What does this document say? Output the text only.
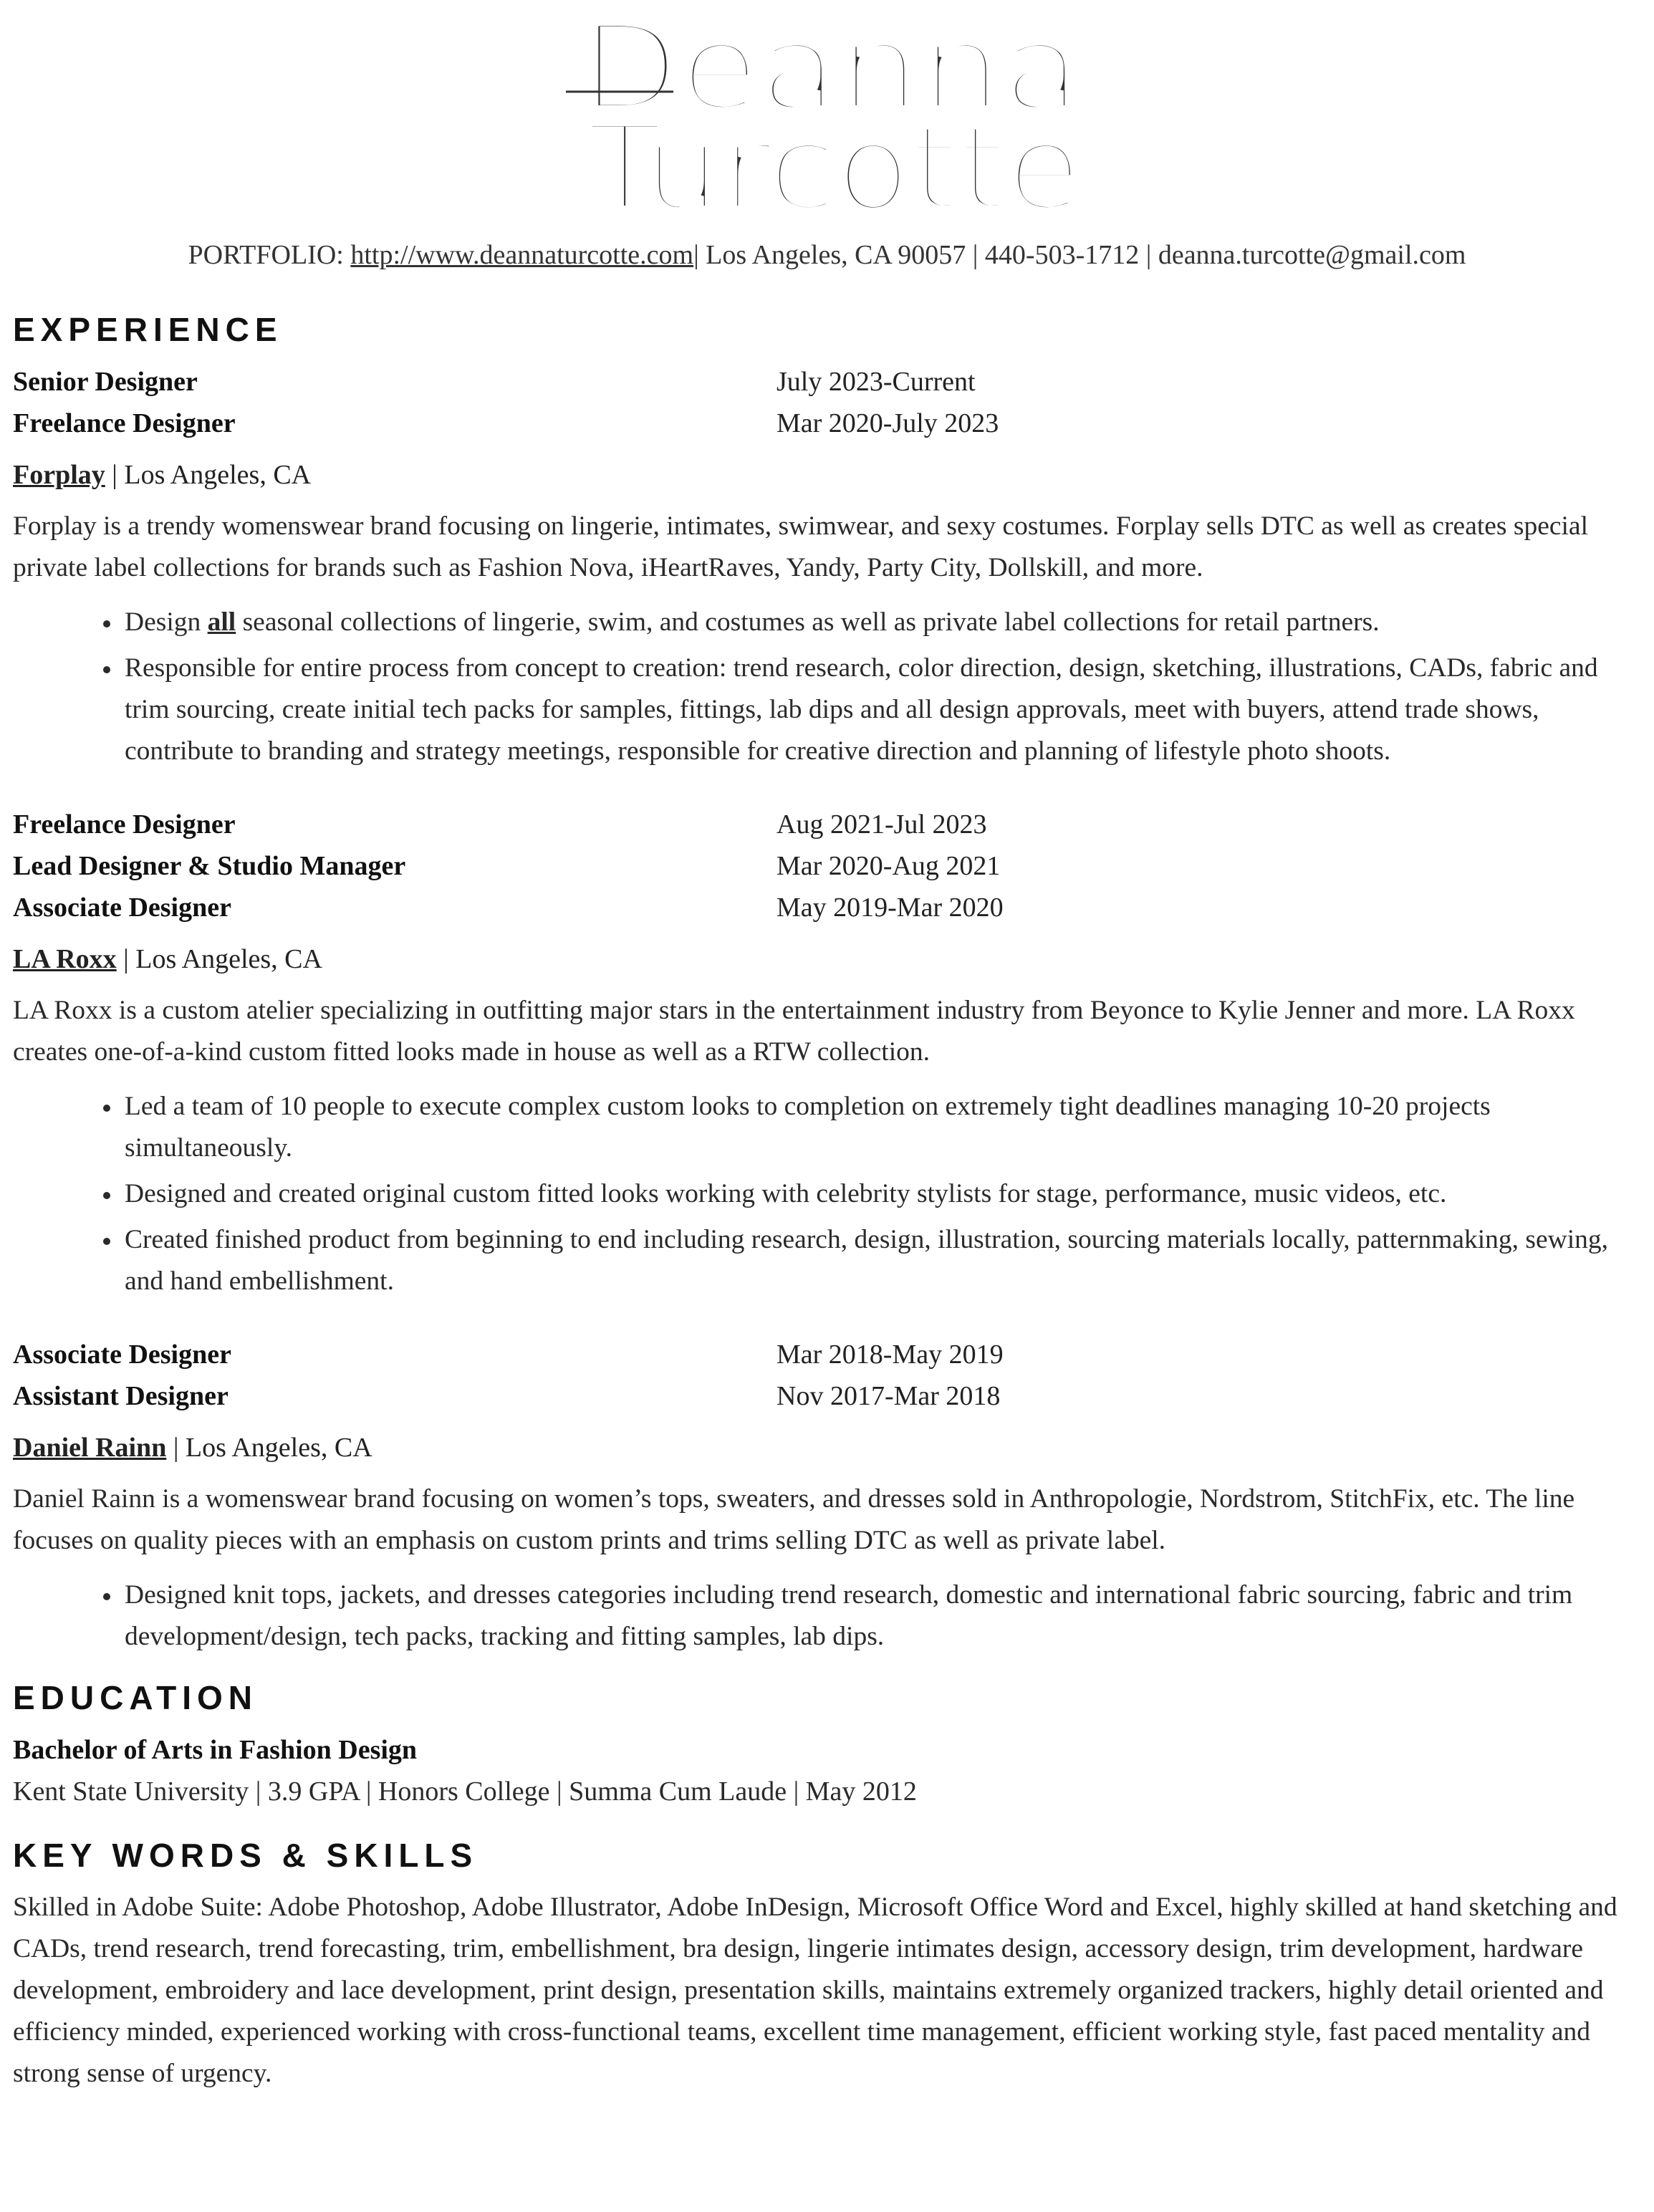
Deanna
Turcotte
PORTFOLIO: http://www.deannaturcotte.com| Los Angeles, CA 90057 | 440-503-1712 | deanna.turcotte@gmail.com
EXPERIENCE
Senior Designer	July 2023-Current
Freelance Designer	Mar 2020-July 2023
Forplay | Los Angeles, CA

Forplay is a trendy womenswear brand focusing on lingerie, intimates, swimwear, and sexy costumes. Forplay sells DTC as well as creates special private label collections for brands such as Fashion Nova, iHeartRaves, Yandy, Party City, Dollskill, and more.

• Design all seasonal collections of lingerie, swim, and costumes as well as private label collections for retail partners.
• Responsible for entire process from concept to creation: trend research, color direction, design, sketching, illustrations, CADs, fabric and trim sourcing, create initial tech packs for samples, fittings, lab dips and all design approvals, meet with buyers, attend trade shows, contribute to branding and strategy meetings, responsible for creative direction and planning of lifestyle photo shoots.
Freelance Designer	Aug 2021-Jul 2023
Lead Designer & Studio Manager	Mar 2020-Aug 2021
Associate Designer	May 2019-Mar 2020
LA Roxx | Los Angeles, CA

LA Roxx is a custom atelier specializing in outfitting major stars in the entertainment industry from Beyonce to Kylie Jenner and more. LA Roxx creates one-of-a-kind custom fitted looks made in house as well as a RTW collection.

• Led a team of 10 people to execute complex custom looks to completion on extremely tight deadlines managing 10-20 projects simultaneously.
• Designed and created original custom fitted looks working with celebrity stylists for stage, performance, music videos, etc.
• Created finished product from beginning to end including research, design, illustration, sourcing materials locally, patternmaking, sewing, and hand embellishment.
Associate Designer	Mar 2018-May 2019
Assistant Designer	Nov 2017-Mar 2018
Daniel Rainn | Los Angeles, CA

Daniel Rainn is a womenswear brand focusing on women’s tops, sweaters, and dresses sold in Anthropologie, Nordstrom, StitchFix, etc. The line focuses on quality pieces with an emphasis on custom prints and trims selling DTC as well as private label.

• Designed knit tops, jackets, and dresses categories including trend research, domestic and international fabric sourcing, fabric and trim development/design, tech packs, tracking and fitting samples, lab dips.
EDUCATION
Bachelor of Arts in Fashion Design
Kent State University | 3.9 GPA | Honors College | Summa Cum Laude | May 2012
KEY WORDS & SKILLS

Skilled in Adobe Suite: Adobe Photoshop, Adobe Illustrator, Adobe InDesign, Microsoft Office Word and Excel, highly skilled at hand sketching and CADs, trend research, trend forecasting, trim, embellishment, bra design, lingerie intimates design, accessory design, trim development, hardware development, embroidery and lace development, print design, presentation skills, maintains extremely organized trackers, highly detail oriented and efficiency minded, experienced working with cross-functional teams, excellent time management, efficient working style, fast paced mentality and strong sense of urgency.
